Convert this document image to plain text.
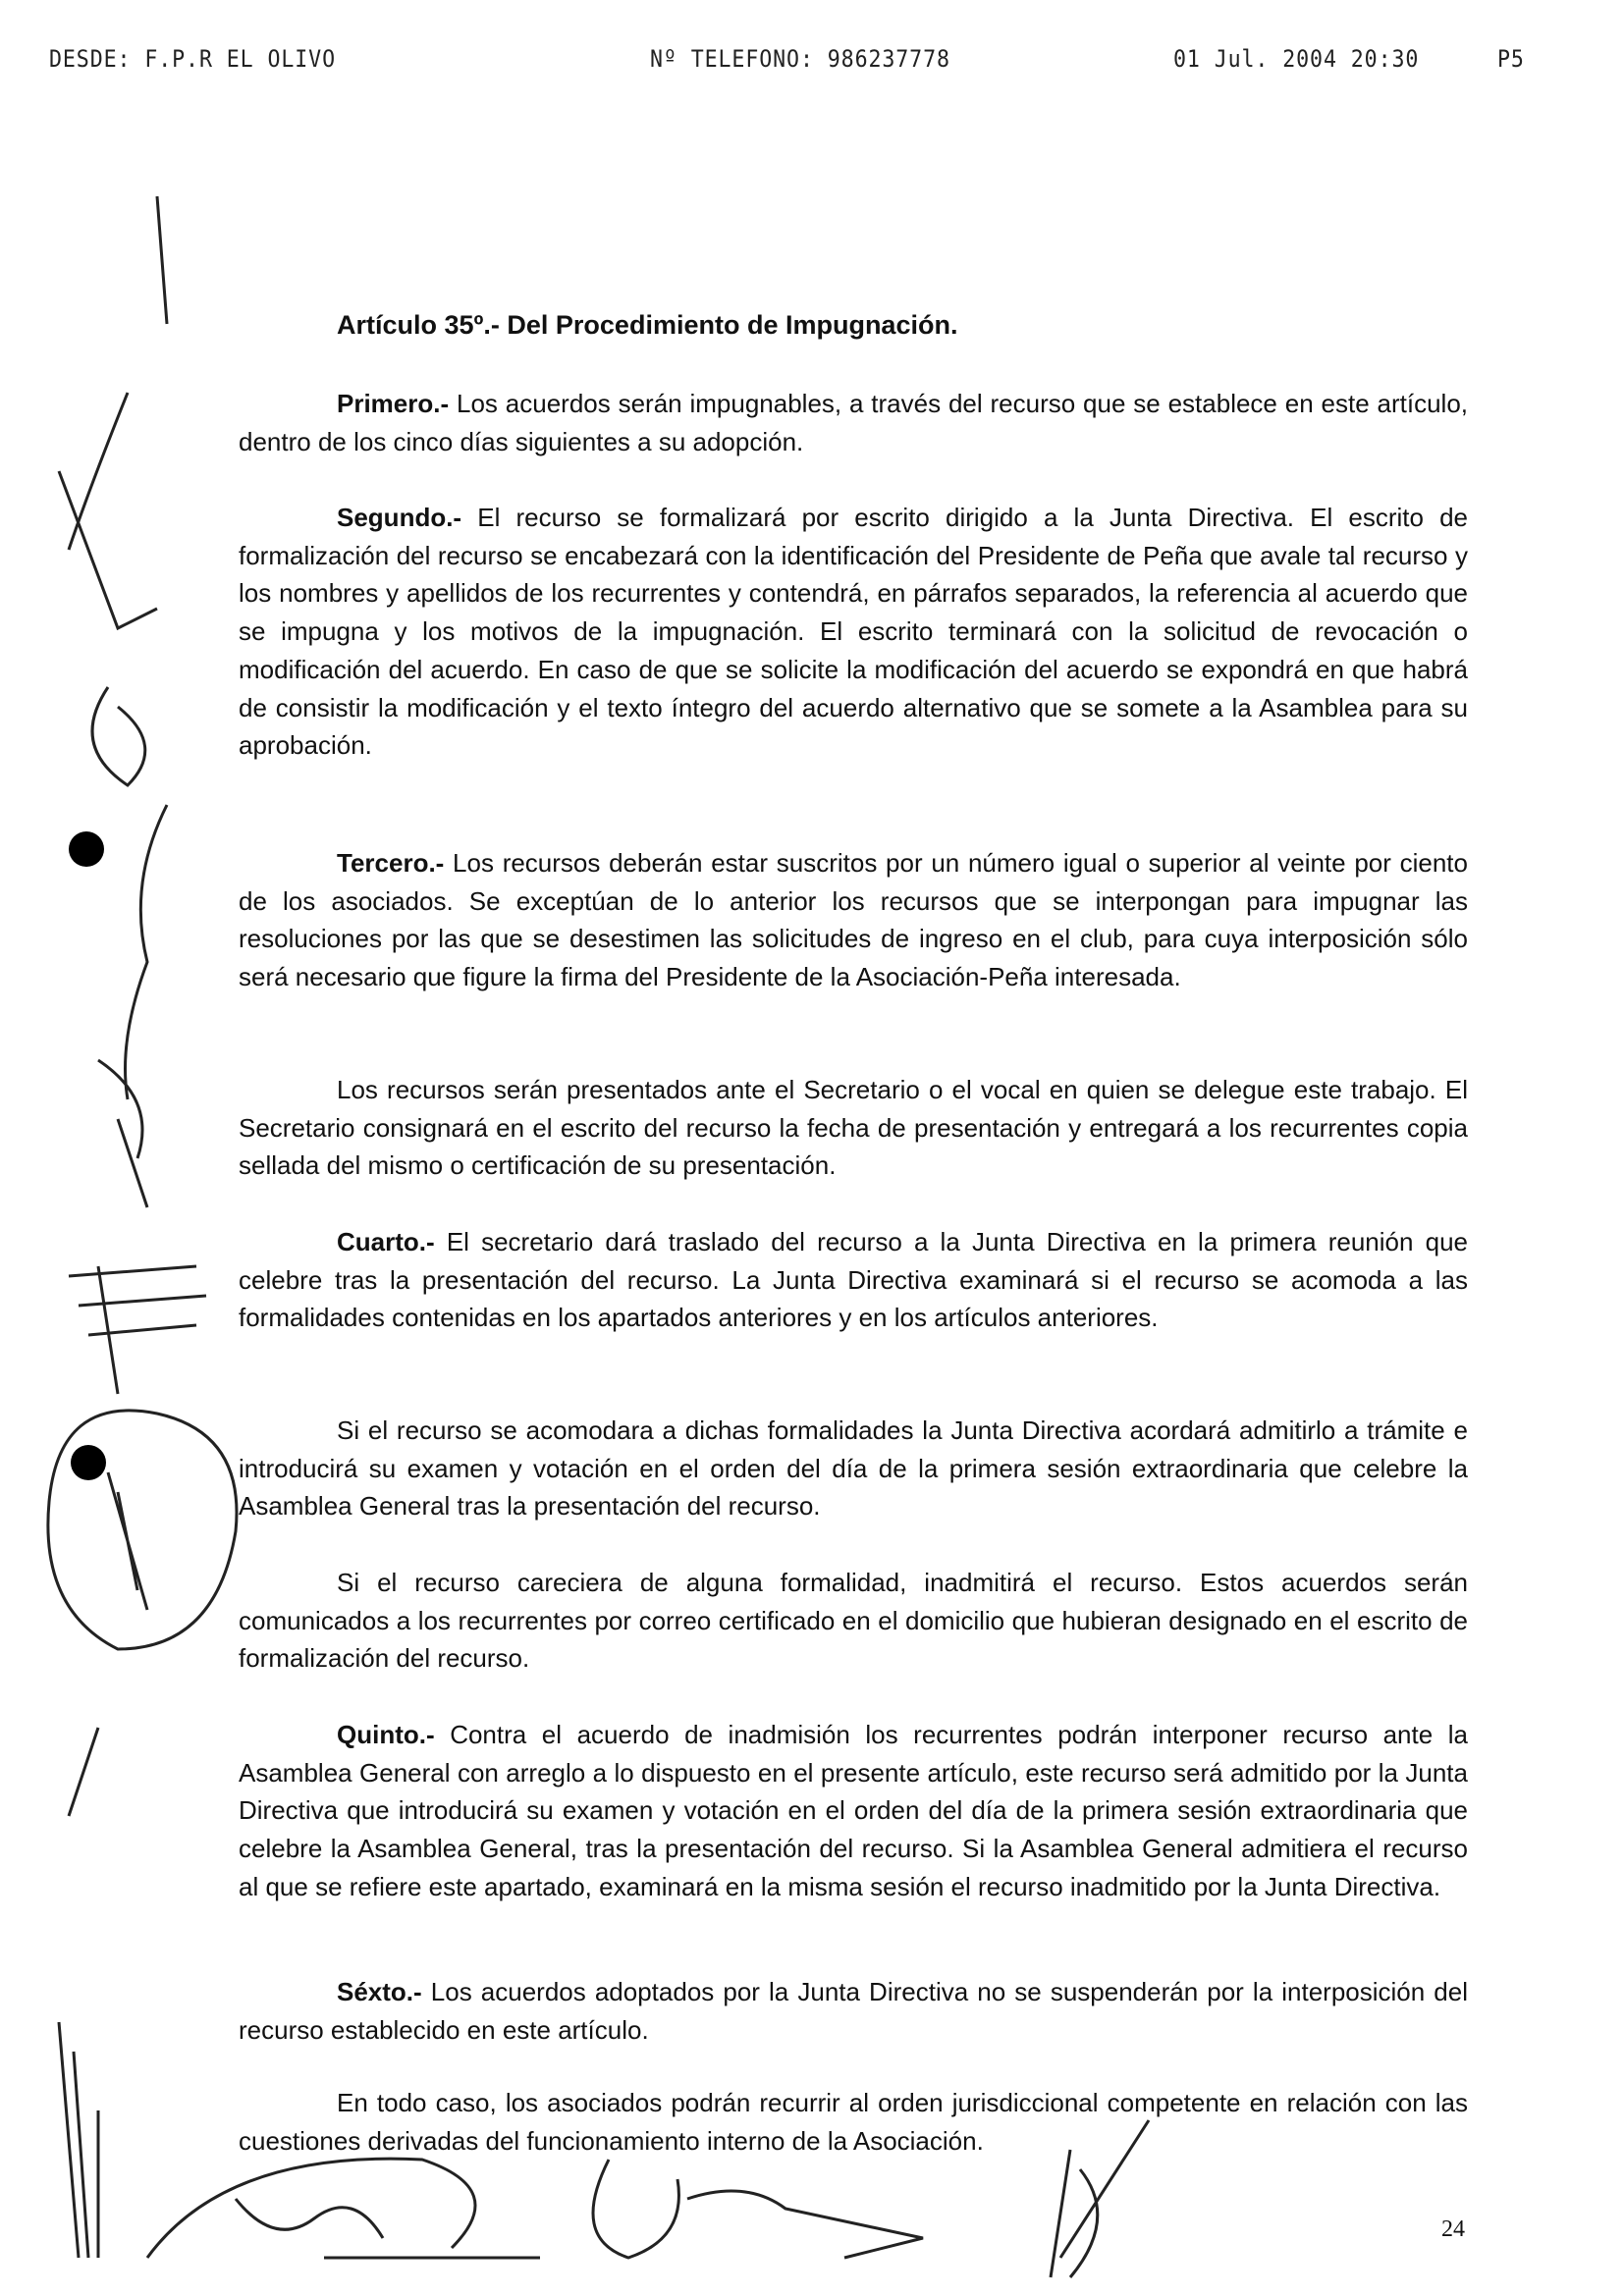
DESDE: F.P.R EL OLIVO	Nº TELEFONO: 986237778	01 Jul. 2004 20:30	P5
Artículo 35º.- Del Procedimiento de Impugnación.
Primero.- Los acuerdos serán impugnables, a través del recurso que se establece en este artículo, dentro de los cinco días siguientes a su adopción.
Segundo.- El recurso se formalizará por escrito dirigido a la Junta Directiva. El escrito de formalización del recurso se encabezará con la identificación del Presidente de Peña que avale tal recurso y los nombres y apellidos de los recurrentes y contendrá, en párrafos separados, la referencia al acuerdo que se impugna y los motivos de la impugnación. El escrito terminará con la solicitud de revocación o modificación del acuerdo. En caso de que se solicite la modificación del acuerdo se expondrá en que habrá de consistir la modificación y el texto íntegro del acuerdo alternativo que se somete a la Asamblea para su aprobación.
Tercero.- Los recursos deberán estar suscritos por un número igual o superior al veinte por ciento de los asociados. Se exceptúan de lo anterior los recursos que se interpongan para impugnar las resoluciones por las que se desestimen las solicitudes de ingreso en el club, para cuya interposición sólo será necesario que figure la firma del Presidente de la Asociación-Peña interesada.
Los recursos serán presentados ante el Secretario o el vocal en quien se delegue este trabajo. El Secretario consignará en el escrito del recurso la fecha de presentación y entregará a los recurrentes copia sellada del mismo o certificación de su presentación.
Cuarto.- El secretario dará traslado del recurso a la Junta Directiva en la primera reunión que celebre tras la presentación del recurso. La Junta Directiva examinará si el recurso se acomoda a las formalidades contenidas en los apartados anteriores y en los artículos anteriores.
Si el recurso se acomodara a dichas formalidades la Junta Directiva acordará admitirlo a trámite e introducirá su examen y votación en el orden del día de la primera sesión extraordinaria que celebre la Asamblea General tras la presentación del recurso.
Si el recurso careciera de alguna formalidad, inadmitirá el recurso. Estos acuerdos serán comunicados a los recurrentes por correo certificado en el domicilio que hubieran designado en el escrito de formalización del recurso.
Quinto.- Contra el acuerdo de inadmisión los recurrentes podrán interponer recurso ante la Asamblea General con arreglo a lo dispuesto en el presente artículo, este recurso será admitido por la Junta Directiva que introducirá su examen y votación en el orden del día de la primera sesión extraordinaria que celebre la Asamblea General, tras la presentación del recurso. Si la Asamblea General admitiera el recurso al que se refiere este apartado, examinará en la misma sesión el recurso inadmitido por la Junta Directiva.
Séxto.- Los acuerdos adoptados por la Junta Directiva no se suspenderán por la interposición del recurso establecido en este artículo.
En todo caso, los asociados podrán recurrir al orden jurisdiccional competente en relación con las cuestiones derivadas del funcionamiento interno de la Asociación.
24
